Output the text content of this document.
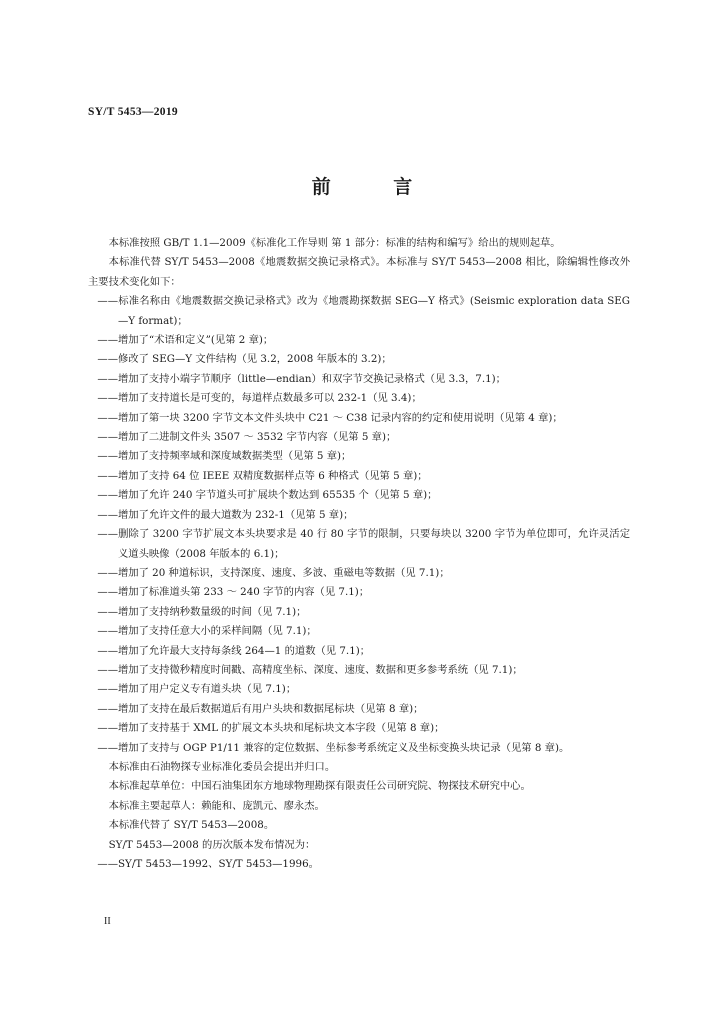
SY/T 5453—2019
前 言

本标准按照 GB/T 1.1—2009《标准化工作导则 第 1 部分：标准的结构和编写》给出的规则起草。

本标准代替 SY/T 5453—2008《地震数据交换记录格式》。本标准与 SY/T 5453—2008 相比，除编辑性修改外主要技术变化如下：

——标准名称由《地震数据交换记录格式》改为《地震勘探数据 SEG—Y 格式》(Seismic exploration data SEG—Y format)；

——增加了“术语和定义”(见第 2 章)；

——修改了 SEG—Y 文件结构（见 3.2，2008 年版本的 3.2)；

——增加了支持小端字节顺序（little—endian）和双字节交换记录格式（见 3.3，7.1)；

——增加了支持道长是可变的，每道样点数最多可以 232-1（见 3.4)；

——增加了第一块 3200 字节文本文件头块中 C21 ～ C38 记录内容的约定和使用说明（见第 4 章)；

——增加了二进制文件头 3507 ～ 3532 字节内容（见第 5 章)；

——增加了支持频率域和深度域数据类型（见第 5 章)；

——增加了支持 64 位 IEEE 双精度数据样点等 6 种格式（见第 5 章)；

——增加了允许 240 字节道头可扩展块个数达到 65535 个（见第 5 章)；

——增加了允许文件的最大道数为 232-1（见第 5 章)；

——删除了 3200 字节扩展文本头块要求是 40 行 80 字节的限制，只要每块以 3200 字节为单位即可，允许灵活定义道头映像（2008 年版本的 6.1)；

——增加了 20 种道标识，支持深度、速度、多波、重磁电等数据（见 7.1)；

——增加了标准道头第 233 ～ 240 字节的内容（见 7.1)；

——增加了支持纳秒数量级的时间（见 7.1)；

——增加了支持任意大小的采样间隔（见 7.1)；

——增加了允许最大支持每条线 264—1 的道数（见 7.1)；

——增加了支持微秒精度时间戳、高精度坐标、深度、速度、数据和更多参考系统（见 7.1)；

——增加了用户定义专有道头块（见 7.1)；

——增加了支持在最后数据道后有用户头块和数据尾标块（见第 8 章)；

——增加了支持基于 XML 的扩展文本头块和尾标块文本字段（见第 8 章)；

——增加了支持与 OGP P1/11 兼容的定位数据、坐标参考系统定义及坐标变换头块记录（见第 8 章)。

本标准由石油物探专业标准化委员会提出并归口。

本标准起草单位：中国石油集团东方地球物理勘探有限责任公司研究院、物探技术研究中心。

本标准主要起草人：赖能和、庞凯元、廖永杰。

本标准代替了 SY/T 5453—2008。

SY/T 5453—2008 的历次版本发布情况为：

——SY/T 5453—1992、SY/T 5453—1996。

II
